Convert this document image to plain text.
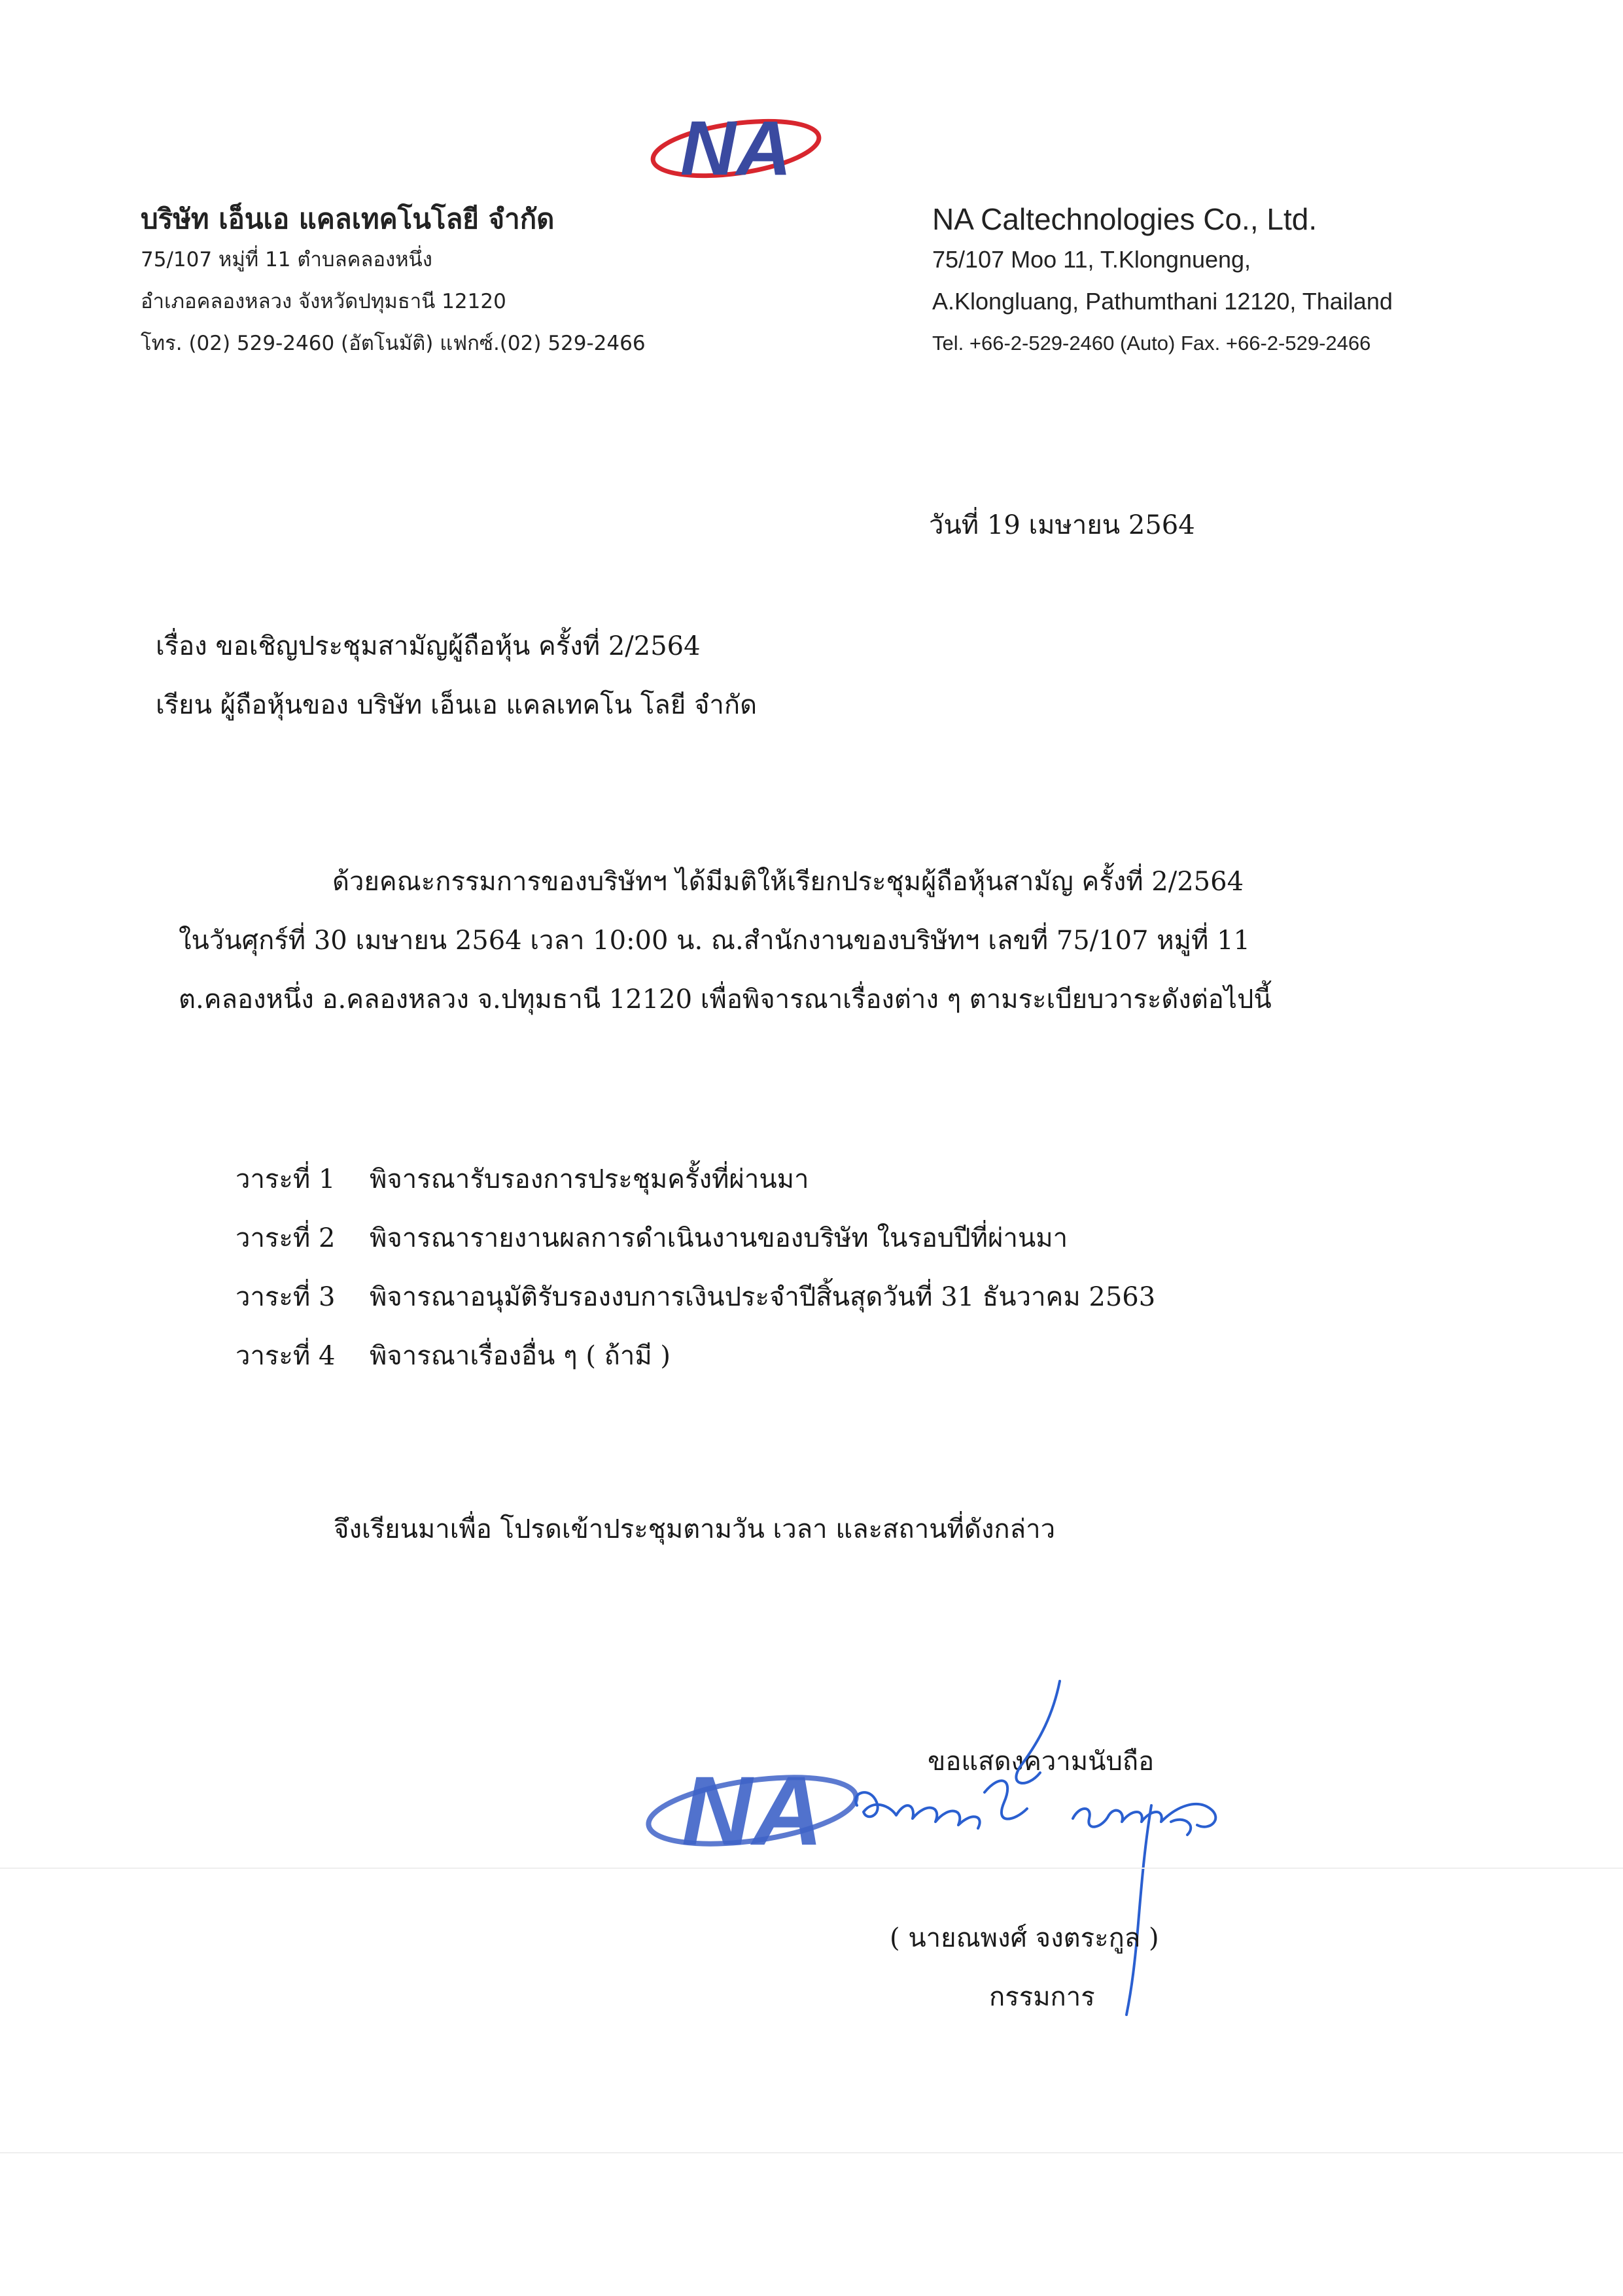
NA
บริษัท เอ็นเอ แคลเทคโนโลยี จำกัด
75/107 หมู่ที่ 11 ตำบลคลองหนึ่ง
อำเภอคลองหลวง จังหวัดปทุมธานี 12120
โทร. (02) 529-2460 (อัตโนมัติ) แฟกซ์.(02) 529-2466
NA Caltechnologies Co., Ltd.
75/107 Moo 11, T.Klongnueng,
A.Klongluang, Pathumthani 12120, Thailand
Tel. +66-2-529-2460 (Auto) Fax. +66-2-529-2466
วันที่ 19 เมษายน 2564
เรื่อง ขอเชิญประชุมสามัญผู้ถือหุ้น ครั้งที่ 2/2564
เรียน ผู้ถือหุ้นของ บริษัท เอ็นเอ แคลเทคโน โลยี จำกัด
ด้วยคณะกรรมการของบริษัทฯ ได้มีมติให้เรียกประชุมผู้ถือหุ้นสามัญ ครั้งที่ 2/2564
ในวันศุกร์ที่ 30 เมษายน 2564 เวลา 10:00 น. ณ.สำนักงานของบริษัทฯ เลขที่ 75/107 หมู่ที่ 11
ต.คลองหนึ่ง อ.คลองหลวง จ.ปทุมธานี 12120 เพื่อพิจารณาเรื่องต่าง ๆ ตามระเบียบวาระดังต่อไปนี้
วาระที่ 1 พิจารณารับรองการประชุมครั้งที่ผ่านมา
วาระที่ 2 พิจารณารายงานผลการดำเนินงานของบริษัท ในรอบปีที่ผ่านมา
วาระที่ 3 พิจารณาอนุมัติรับรองงบการเงินประจำปีสิ้นสุดวันที่ 31 ธันวาคม 2563
วาระที่ 4 พิจารณาเรื่องอื่น ๆ ( ถ้ามี )
จึงเรียนมาเพื่อ โปรดเข้าประชุมตามวัน เวลา และสถานที่ดังกล่าว
ขอแสดงความนับถือ
NA
( นายณพงศ์ จงตระกูล )
กรรมการ
